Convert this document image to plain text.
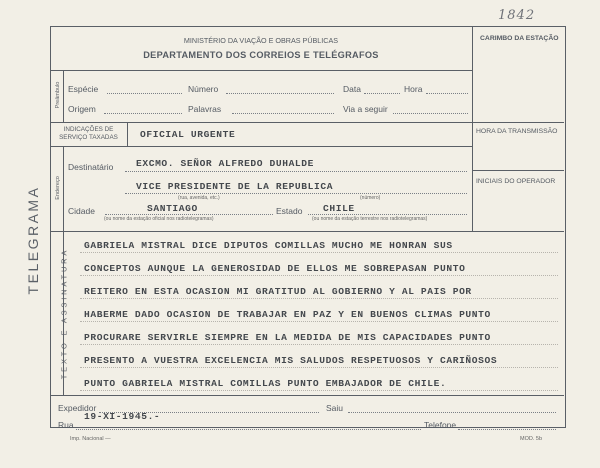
1842
TELEGRAMA
MINISTÉRIO DA VIAÇÃO E OBRAS PÚBLICAS
DEPARTAMENTO DOS CORREIOS E TELÉGRAFOS
CARIMBO DA ESTAÇÃO
Preâmbulo Espécie	Número	Data	Hora
Origem	Palavras	Via a seguir
INDICAÇÕES DE
SERVIÇO TAXADAS	OFICIAL URGENTE	HORA DA TRANSMISSÃO
Endereço
Destinatário EXCMO. SEÑOR ALFREDO DUHALDE
VICE PRESIDENTE DE LA REPUBLICA
(rua, avenida, etc.)	(número)
Cidade	SANTIAGO	Estado CHILE
(ou nome da estação oficial nos radiotelegramas)	(ou nome da estação terrestre nos radiotelegramas)
INICIAIS DO OPERADOR
TEXTO E ASSINATURA
GABRIELA MISTRAL DICE DIPUTOS COMILLAS MUCHO ME HONRAN SUS
CONCEPTOS AUNQUE LA GENEROSIDAD DE ELLOS ME SOBREPASAN PUNTO
REITERO EN ESTA OCASION MI GRATITUD AL GOBIERNO Y AL PAIS POR
HABERME DADO OCASION DE TRABAJAR EN PAZ Y EN BUENOS CLIMAS PUNTO
PROCURARE SERVIRLE SIEMPRE EN LA MEDIDA DE MIS CAPACIDADES PUNTO
PRESENTO A VUESTRA EXCELENCIA MIS SALUDOS RESPETUOSOS Y CARIÑOSOS
PUNTO GABRIELA MISTRAL COMILLAS PUNTO EMBAJADOR DE CHILE.
Expedidor
19-XI-1945.-
Saiu
Rua	Telefone
Imp. Nacional —	MOD. 5b
